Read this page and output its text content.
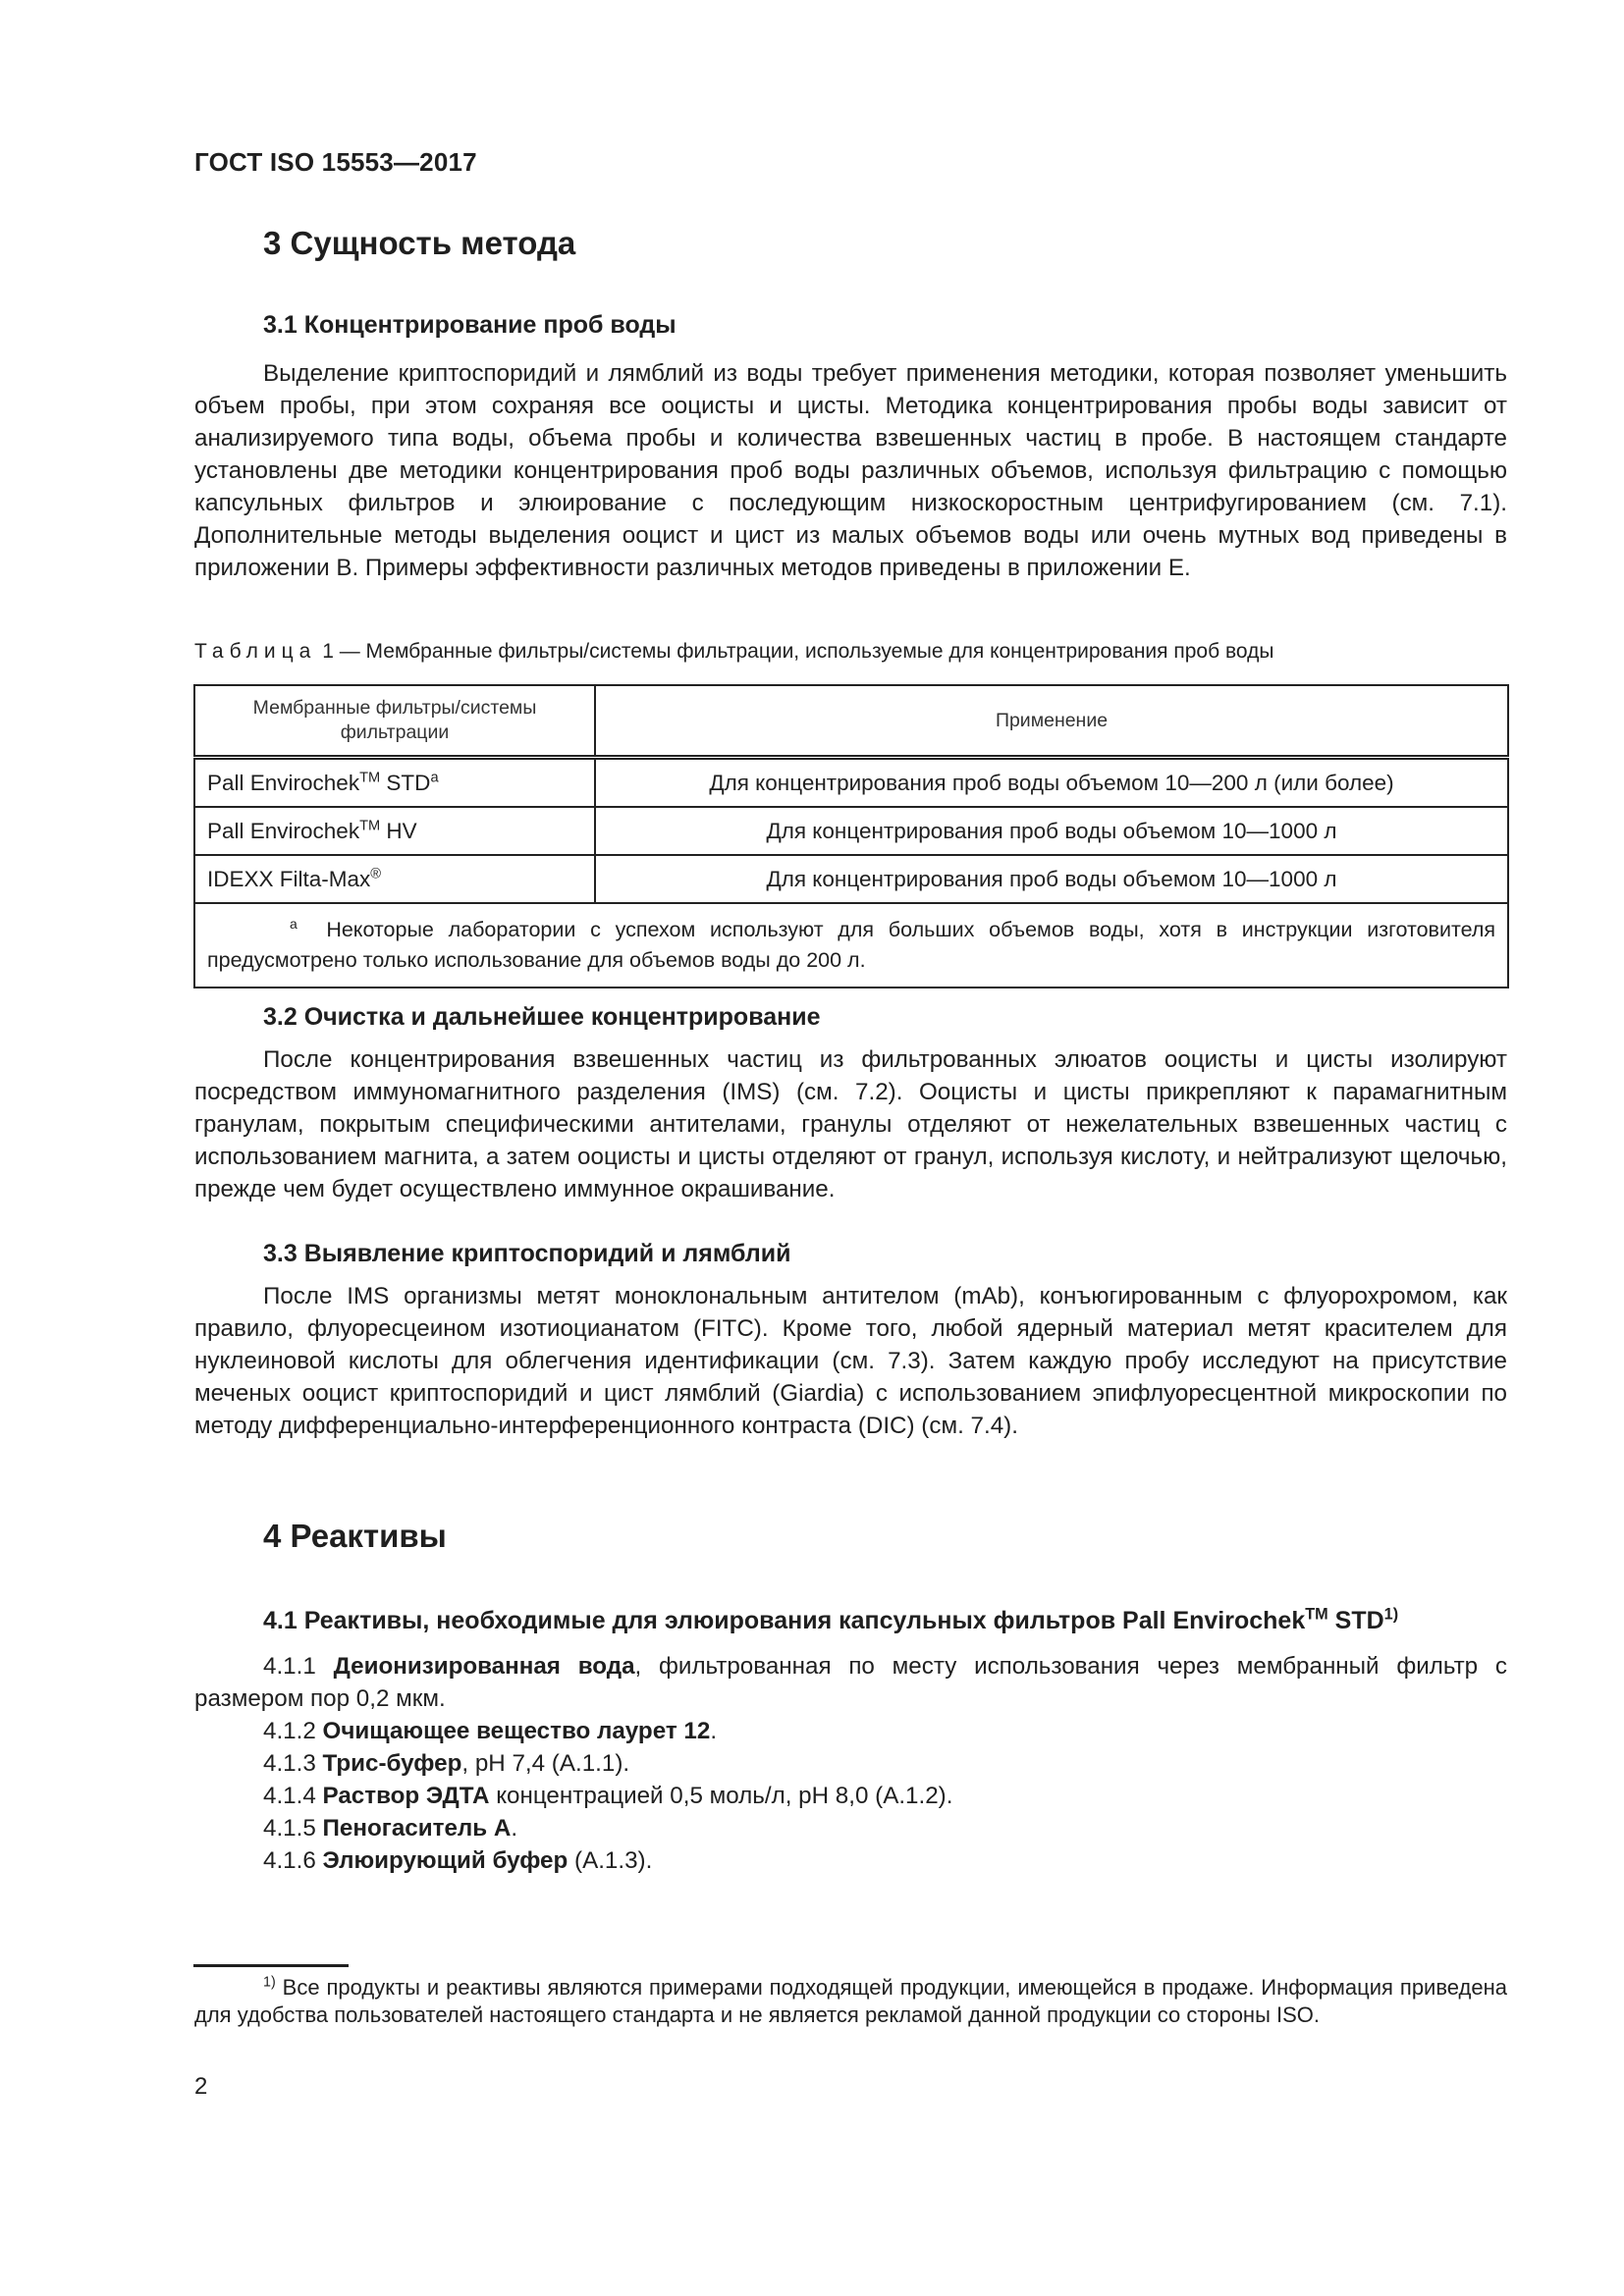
ГОСТ ISO 15553—2017
3 Сущность метода
3.1 Концентрирование проб воды
Выделение криптоспоридий и лямблий из воды требует применения методики, которая позволяет уменьшить объем пробы, при этом сохраняя все ооцисты и цисты. Методика концентрирования пробы воды зависит от анализируемого типа воды, объема пробы и количества взвешенных частиц в пробе. В настоящем стандарте установлены две методики концентрирования проб воды различных объемов, используя фильтрацию с помощью капсульных фильтров и элюирование с последующим низкоскоростным центрифугированием (см. 7.1). Дополнительные методы выделения ооцист и цист из малых объемов воды или очень мутных вод приведены в приложении В. Примеры эффективности различных методов приведены в приложении Е.
Таблица 1 — Мембранные фильтры/системы фильтрации, используемые для концентрирования проб воды
Мембранные фильтры/системы фильтрации	Применение
Pall Envirochek™ STD$^a$	Для концентрирования проб воды объемом 10—200 л (или более)
Pall Envirochek™ HV	Для концентрирования проб воды объемом 10—1000 л
IDEXX Filta-Max®	Для концентрирования проб воды объемом 10—1000 л
$^a$ Некоторые лаборатории с успехом используют для больших объемов воды, хотя в инструкции изготовителя предусмотрено только использование для объемов воды до 200 л.	
3.2 Очистка и дальнейшее концентрирование
После концентрирования взвешенных частиц из фильтрованных элюатов ооцисты и цисты изолируют посредством иммуномагнитного разделения (IMS) (см. 7.2). Ооцисты и цисты прикрепляют к парамагнитным гранулам, покрытым специфическими антителами, гранулы отделяют от нежелательных взвешенных частиц с использованием магнита, а затем ооцисты и цисты отделяют от гранул, используя кислоту, и нейтрализуют щелочью, прежде чем будет осуществлено иммунное окрашивание.
3.3 Выявление криптоспоридий и лямблий
После IMS организмы метят моноклональным антителом (mAb), конъюгированным с флуорохромом, как правило, флуоресцеином изотиоцианатом (FITC). Кроме того, любой ядерный материал метят красителем для нуклеиновой кислоты для облегчения идентификации (см. 7.3). Затем каждую пробу исследуют на присутствие меченых ооцист криптоспоридий и цист лямблий (Giardia) с использованием эпифлуоресцентной микроскопии по методу дифференциально-интерференционного контраста (DIC) (см. 7.4).
4 Реактивы
4.1 Реактивы, необходимые для элюирования капсульных фильтров Pall Envirochek™ STD$^{1)}$
4.1.1 Деионизированная вода, фильтрованная по месту использования через мембранный фильтр с размером пор 0,2 мкм.
4.1.2 Очищающее вещество лаурет 12.
4.1.3 Трис-буфер, pH 7,4 (А.1.1).
4.1.4 Раствор ЭДТА концентрацией 0,5 моль/л, pH 8,0 (А.1.2).
4.1.5 Пеногаситель А.
4.1.6 Элюирующий буфер (А.1.3).
$^{1)}$ Все продукты и реактивы являются примерами подходящей продукции, имеющейся в продаже. Информация приведена для удобства пользователей настоящего стандарта и не является рекламой данной продукции со стороны ISO.
2
